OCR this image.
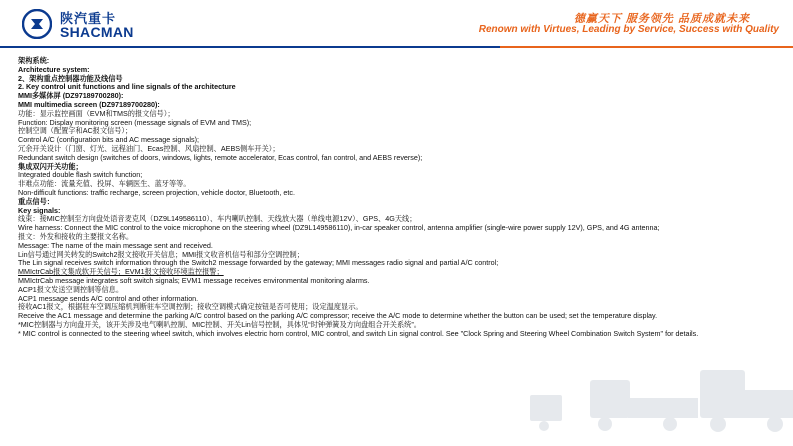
陕汽重卡
SHACMAN
德赢天下 服务领先 品质成就未来
Renown with Virtues, Leading by Service, Success with Quality
架构系统:
Architecture system:
2、架构重点控制器功能及线信号
2. Key control unit functions and line signals of the architecture
MMI多媒体屏 (DZ97189700280):
MMI multimedia screen (DZ97189700280):
功能：显示监控画面（EVM和TMS的报文信号）；
Function: Display monitoring screen (message signals of EVM and TMS);
控制空调（配置字和AC报文信号）；
Control A/C (configuration bits and AC message signals);
冗余开关设计（门窗、灯光、远程油门、Ecas控制、风扇控制、AEBS侧车开关）；
Redundant switch design (switches of doors, windows, lights, remote accelerator, Ecas control, fan control, and AEBS reverse);
集成双闪开关功能；
Integrated double flash switch function;
非难点功能：流量充值、投屏、车辆医生、蓝牙等等。
Non-difficult functions: traffic recharge, screen projection, vehicle doctor, Bluetooth, etc.
重点信号：
Key signals:
线束：接MIC控制至方向盘处语音麦克风（DZ9L149586110）、车内喇叭控制、天线放大器（单线电源12V）、GPS、4G天线；
Wire harness: Connect the MIC control to the voice microphone on the steering wheel (DZ9L149586110), in-car speaker control, antenna amplifier (single-wire power supply 12V), GPS, and 4G antenna;
报文：外发和接收的主要报文名称。
Message: The name of the main message sent and received.
Lin信号通过网关转发的Switch2报文接收开关信息；MMI报文收音机信号和部分空调控制；
The Lin signal receives switch information through the Switch2 message forwarded by the gateway; MMI messages radio signal and partial A/C control;
MMIctrCab报文集成软开关信号；EVM1报文接收环境监控报警；
MMIctrCab message integrates soft switch signals; EVM1 message receives environmental monitoring alarms.
ACP1报文发送空调控制等信息。
ACP1 message sends A/C control and other information.
接收AC1报文，根据驻车空调压缩机判断驻车空调控制；接收空调模式确定按钮是否可使用；设定温度显示。
Receive the AC1 message and determine the parking A/C control based on the parking A/C compressor; receive the A/C mode to determine whether the button can be used; set the temperature display.
*MIC控制器与方向盘开关，该开关涉及电气喇叭控制、MIC控制、开关Lin信号控制，具体见“时钟弹簧及方向盘组合开关系统”。
* MIC control is connected to the steering wheel switch, which involves electric horn control, MIC control, and switch Lin signal control. See "Clock Spring and Steering Wheel Combination Switch System" for details.
